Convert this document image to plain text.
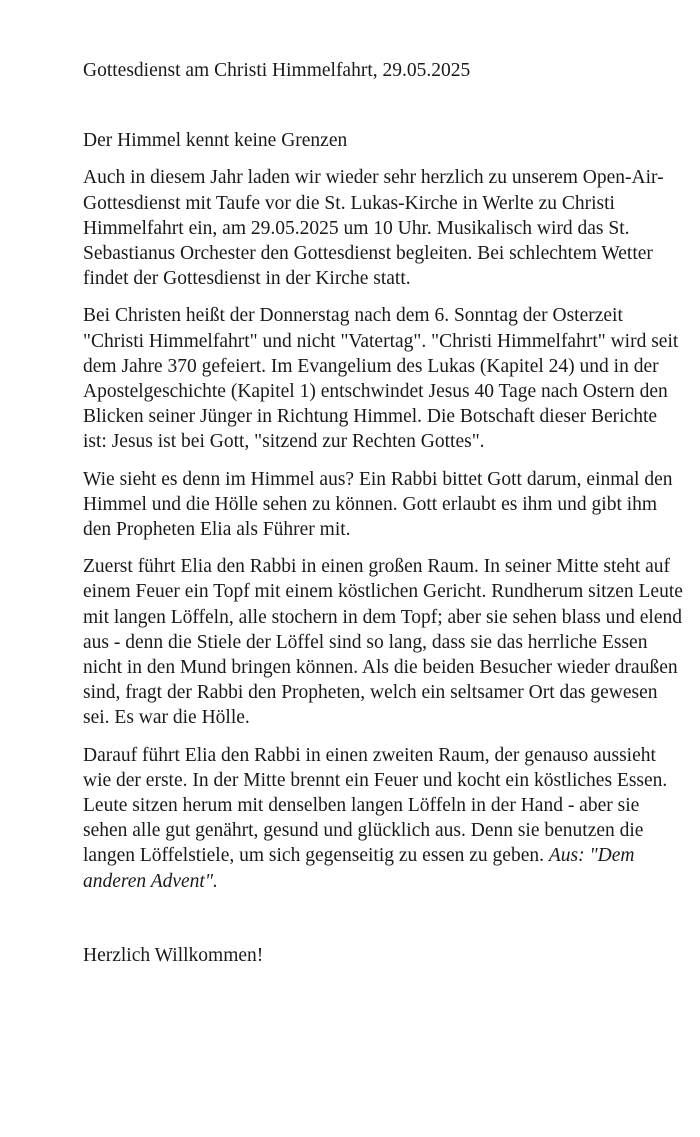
Gottesdienst am Christi Himmelfahrt, 29.05.2025

Der Himmel kennt keine Grenzen

Auch in diesem Jahr laden wir wieder sehr herzlich zu unserem Open-Air-Gottesdienst mit Taufe vor die St. Lukas-Kirche in Werlte zu Christi Himmelfahrt ein, am 29.05.2025 um 10 Uhr. Musikalisch wird das St. Sebastianus Orchester den Gottesdienst begleiten. Bei schlechtem Wetter findet der Gottesdienst in der Kirche statt.

Bei Christen heißt der Donnerstag nach dem 6. Sonntag der Osterzeit "Christi Himmelfahrt" und nicht "Vatertag". "Christi Himmelfahrt" wird seit dem Jahre 370 gefeiert. Im Evangelium des Lukas (Kapitel 24) und in der Apostelgeschichte (Kapitel 1) entschwindet Jesus 40 Tage nach Ostern den Blicken seiner Jünger in Richtung Himmel. Die Botschaft dieser Berichte ist: Jesus ist bei Gott, "sitzend zur Rechten Gottes".

Wie sieht es denn im Himmel aus? Ein Rabbi bittet Gott darum, einmal den Himmel und die Hölle sehen zu können. Gott erlaubt es ihm und gibt ihm den Propheten Elia als Führer mit.

Zuerst führt Elia den Rabbi in einen großen Raum. In seiner Mitte steht auf einem Feuer ein Topf mit einem köstlichen Gericht. Rundherum sitzen Leute mit langen Löffeln, alle stochern in dem Topf; aber sie sehen blass und elend aus - denn die Stiele der Löffel sind so lang, dass sie das herrliche Essen nicht in den Mund bringen können. Als die beiden Besucher wieder draußen sind, fragt der Rabbi den Propheten, welch ein seltsamer Ort das gewesen sei. Es war die Hölle.

Darauf führt Elia den Rabbi in einen zweiten Raum, der genauso aussieht wie der erste. In der Mitte brennt ein Feuer und kocht ein köstliches Essen. Leute sitzen herum mit denselben langen Löffeln in der Hand - aber sie sehen alle gut genährt, gesund und glücklich aus. Denn sie benutzen die langen Löffelstiele, um sich gegenseitig zu essen zu geben. Aus: "Dem anderen Advent".

Herzlich Willkommen!
